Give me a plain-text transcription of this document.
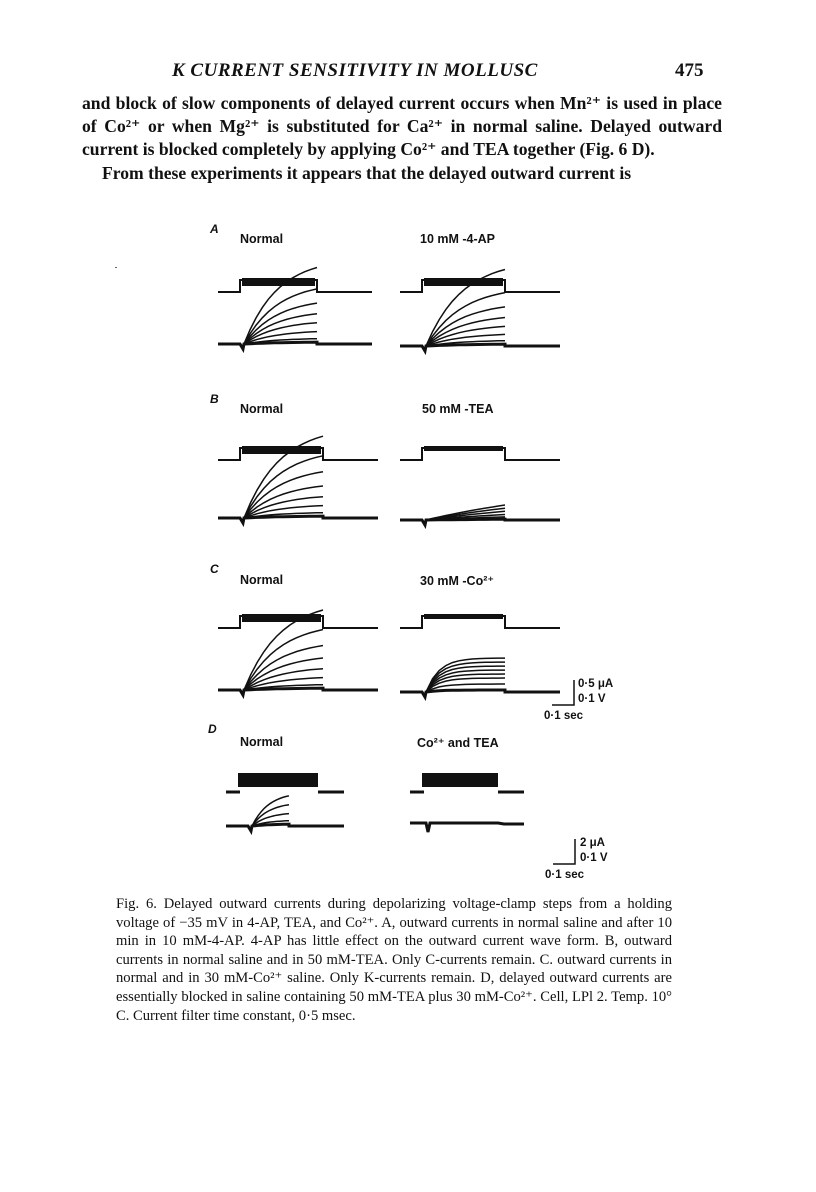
K CURRENT SENSITIVITY IN MOLLUSC	475

and block of slow components of delayed current occurs when Mn²⁺ is used in place of Co²⁺ or when Mg²⁺ is substituted for Ca²⁺ in normal saline. Delayed outward current is blocked completely by applying Co²⁺ and TEA together (Fig. 6 D).

From these experiments it appears that the delayed outward current is

A
Normal	10 mM -4-AP
B
Normal	50 mM -TEA
C
Normal	30 mM -Co²⁺
D
Normal	Co²⁺ and TEA
0·5 μA
0·1 V
0·1 sec
2 μA
0·1 V
0·1 sec
Fig. 6. Delayed outward currents during depolarizing voltage-clamp steps from a holding voltage of −35 mV in 4-AP, TEA, and Co²⁺. A, outward currents in normal saline and after 10 min in 10 mM-4-AP. 4-AP has little effect on the outward current wave form. B, outward currents in normal saline and in 50 mM-TEA. Only C-currents remain. C. outward currents in normal and in 30 mM-Co²⁺ saline. Only K-currents remain. D, delayed outward currents are essentially blocked in saline containing 50 mM-TEA plus 30 mM-Co²⁺. Cell, LPl 2. Temp. 10° C. Current filter time constant, 0·5 msec.
